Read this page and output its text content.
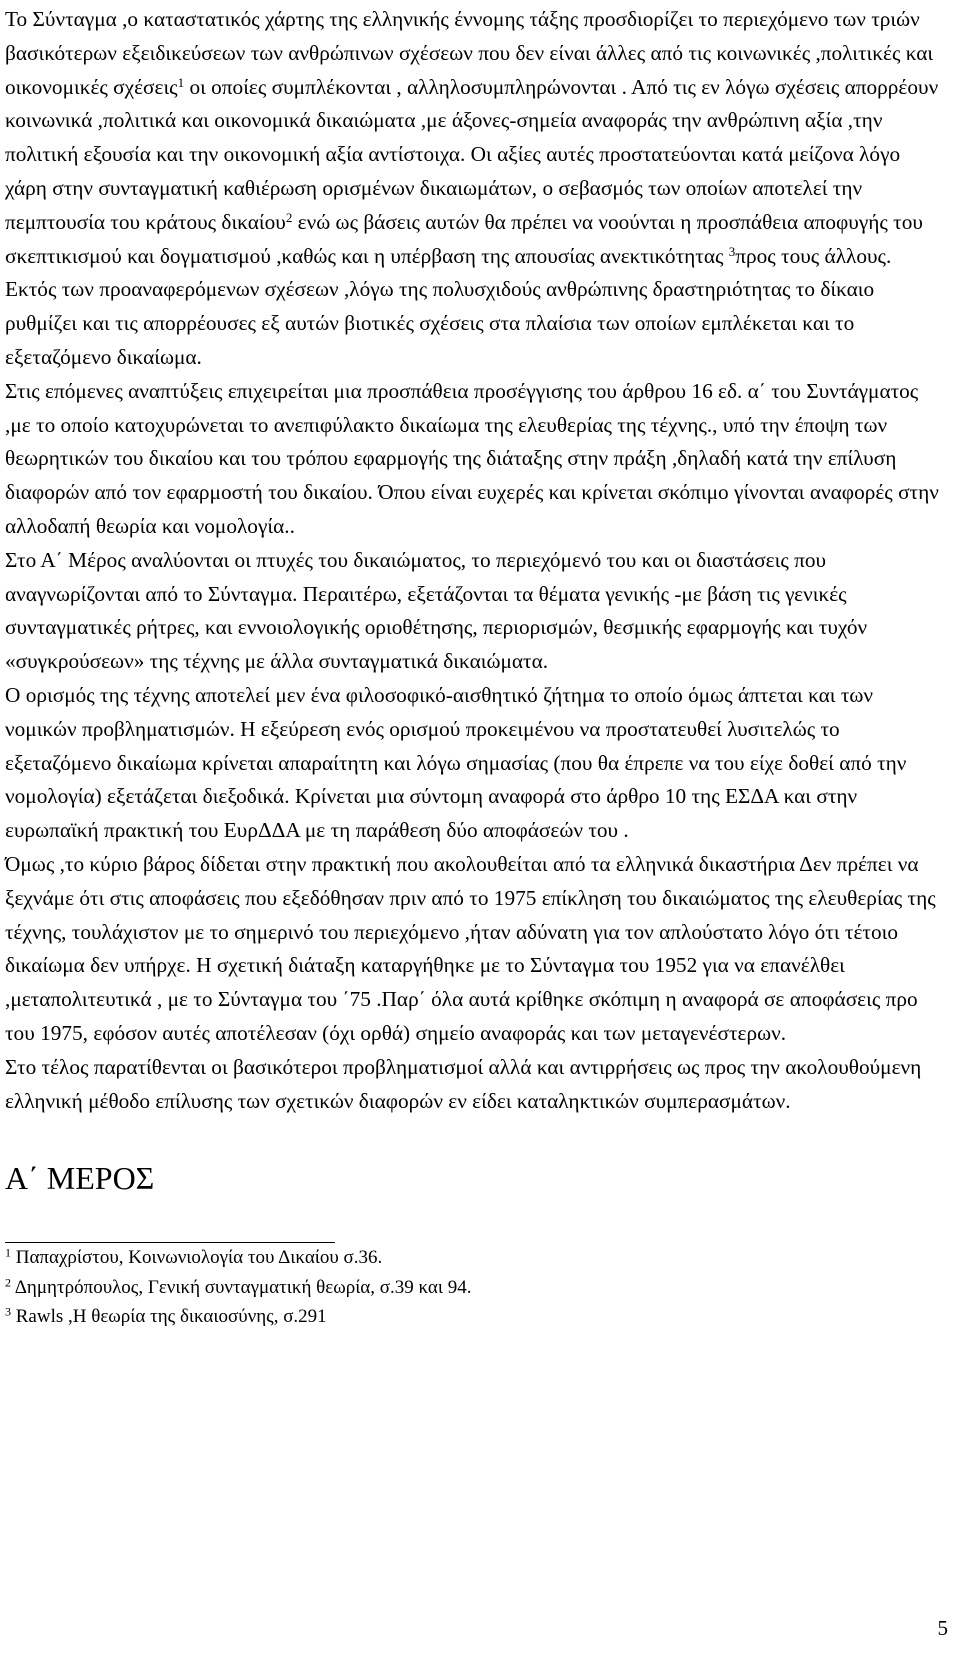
Το Σύνταγμα ,ο καταστατικός χάρτης της ελληνικής έννομης τάξης προσδιορίζει το περιεχόμενο των τριών βασικότερων εξειδικεύσεων των ανθρώπινων σχέσεων που δεν είναι άλλες από τις κοινωνικές ,πολιτικές και οικονομικές σχέσεις$^1$ οι οποίες συμπλέκονται , αλληλοσυμπληρώνονται . Από τις εν λόγω σχέσεις απορρέουν κοινωνικά ,πολιτικά και οικονομικά δικαιώματα ,με άξονες-σημεία αναφοράς την ανθρώπινη αξία ,την πολιτική εξουσία και την οικονομική αξία αντίστοιχα. Οι αξίες αυτές προστατεύονται κατά μείζονα λόγο χάρη στην συνταγματική καθιέρωση ορισμένων δικαιωμάτων, ο σεβασμός των οποίων αποτελεί την πεμπτουσία του κράτους δικαίου$^2$ ενώ ως βάσεις αυτών θα πρέπει να νοούνται η προσπάθεια αποφυγής του σκεπτικισμού και δογματισμού ,καθώς και η υπέρβαση της απουσίας ανεκτικότητας $^3$προς τους άλλους. Εκτός των προαναφερόμενων σχέσεων ,λόγω της πολυσχιδούς ανθρώπινης δραστηριότητας το δίκαιο ρυθμίζει και τις απορρέουσες εξ αυτών βιοτικές σχέσεις στα πλαίσια των οποίων εμπλέκεται και το εξεταζόμενο δικαίωμα.

Στις επόμενες αναπτύξεις επιχειρείται μια προσπάθεια προσέγγισης του άρθρου 16 εδ. α΄ του Συντάγματος ,με το οποίο κατοχυρώνεται το ανεπιφύλακτο δικαίωμα της ελευθερίας της τέχνης., υπό την έποψη των θεωρητικών του δικαίου και του τρόπου εφαρμογής της διάταξης στην πράξη ,δηλαδή κατά την επίλυση διαφορών από τον εφαρμοστή του δικαίου. Όπου είναι ευχερές και κρίνεται σκόπιμο γίνονται αναφορές στην αλλοδαπή θεωρία και νομολογία..

Στο Α΄ Μέρος αναλύονται οι πτυχές του δικαιώματος, το περιεχόμενό του και οι διαστάσεις που αναγνωρίζονται από το Σύνταγμα. Περαιτέρω, εξετάζονται τα θέματα γενικής -με βάση τις γενικές συνταγματικές ρήτρες, και εννοιολογικής οριοθέτησης, περιορισμών, θεσμικής εφαρμογής και τυχόν «συγκρούσεων» της τέχνης με άλλα συνταγματικά δικαιώματα.

Ο ορισμός της τέχνης αποτελεί μεν ένα φιλοσοφικό-αισθητικό ζήτημα το οποίο όμως άπτεται και των νομικών προβληματισμών. Η εξεύρεση ενός ορισμού προκειμένου να προστατευθεί λυσιτελώς το εξεταζόμενο δικαίωμα κρίνεται απαραίτητη και λόγω σημασίας (που θα έπρεπε να του είχε δοθεί από την νομολογία) εξετάζεται διεξοδικά. Κρίνεται μια σύντομη αναφορά στο άρθρο 10 της ΕΣΔΑ και στην ευρωπαϊκή πρακτική του ΕυρΔΔΑ με τη παράθεση δύο αποφάσεών του .

Όμως ,το κύριο βάρος δίδεται στην πρακτική που ακολουθείται από τα ελληνικά δικαστήρια Δεν πρέπει να ξεχνάμε ότι στις αποφάσεις που εξεδόθησαν πριν από το 1975 επίκληση του δικαιώματος της ελευθερίας της τέχνης, τουλάχιστον με το σημερινό του περιεχόμενο ,ήταν αδύνατη για τον απλούστατο λόγο ότι τέτοιο δικαίωμα δεν υπήρχε. Η σχετική διάταξη καταργήθηκε με το Σύνταγμα του 1952 για να επανέλθει ,μεταπολιτευτικά , με το Σύνταγμα του ΄75 .Παρ΄ όλα αυτά κρίθηκε σκόπιμη η αναφορά σε αποφάσεις προ του 1975, εφόσον αυτές αποτέλεσαν (όχι ορθά) σημείο αναφοράς και των μεταγενέστερων.

Στο τέλος παρατίθενται οι βασικότεροι προβληματισμοί αλλά και αντιρρήσεις ως προς την ακολουθούμενη ελληνική μέθοδο επίλυσης των σχετικών διαφορών εν είδει καταληκτικών συμπερασμάτων.

Α΄ ΜΕΡΟΣ
$^1$ Παπαχρίστου, Κοινωνιολογία του Δικαίου σ.36.
$^2$ Δημητρόπουλος, Γενική συνταγματική θεωρία, σ.39 και 94.
$^3$ Rawls ,Η θεωρία της δικαιοσύνης, σ.291
5
